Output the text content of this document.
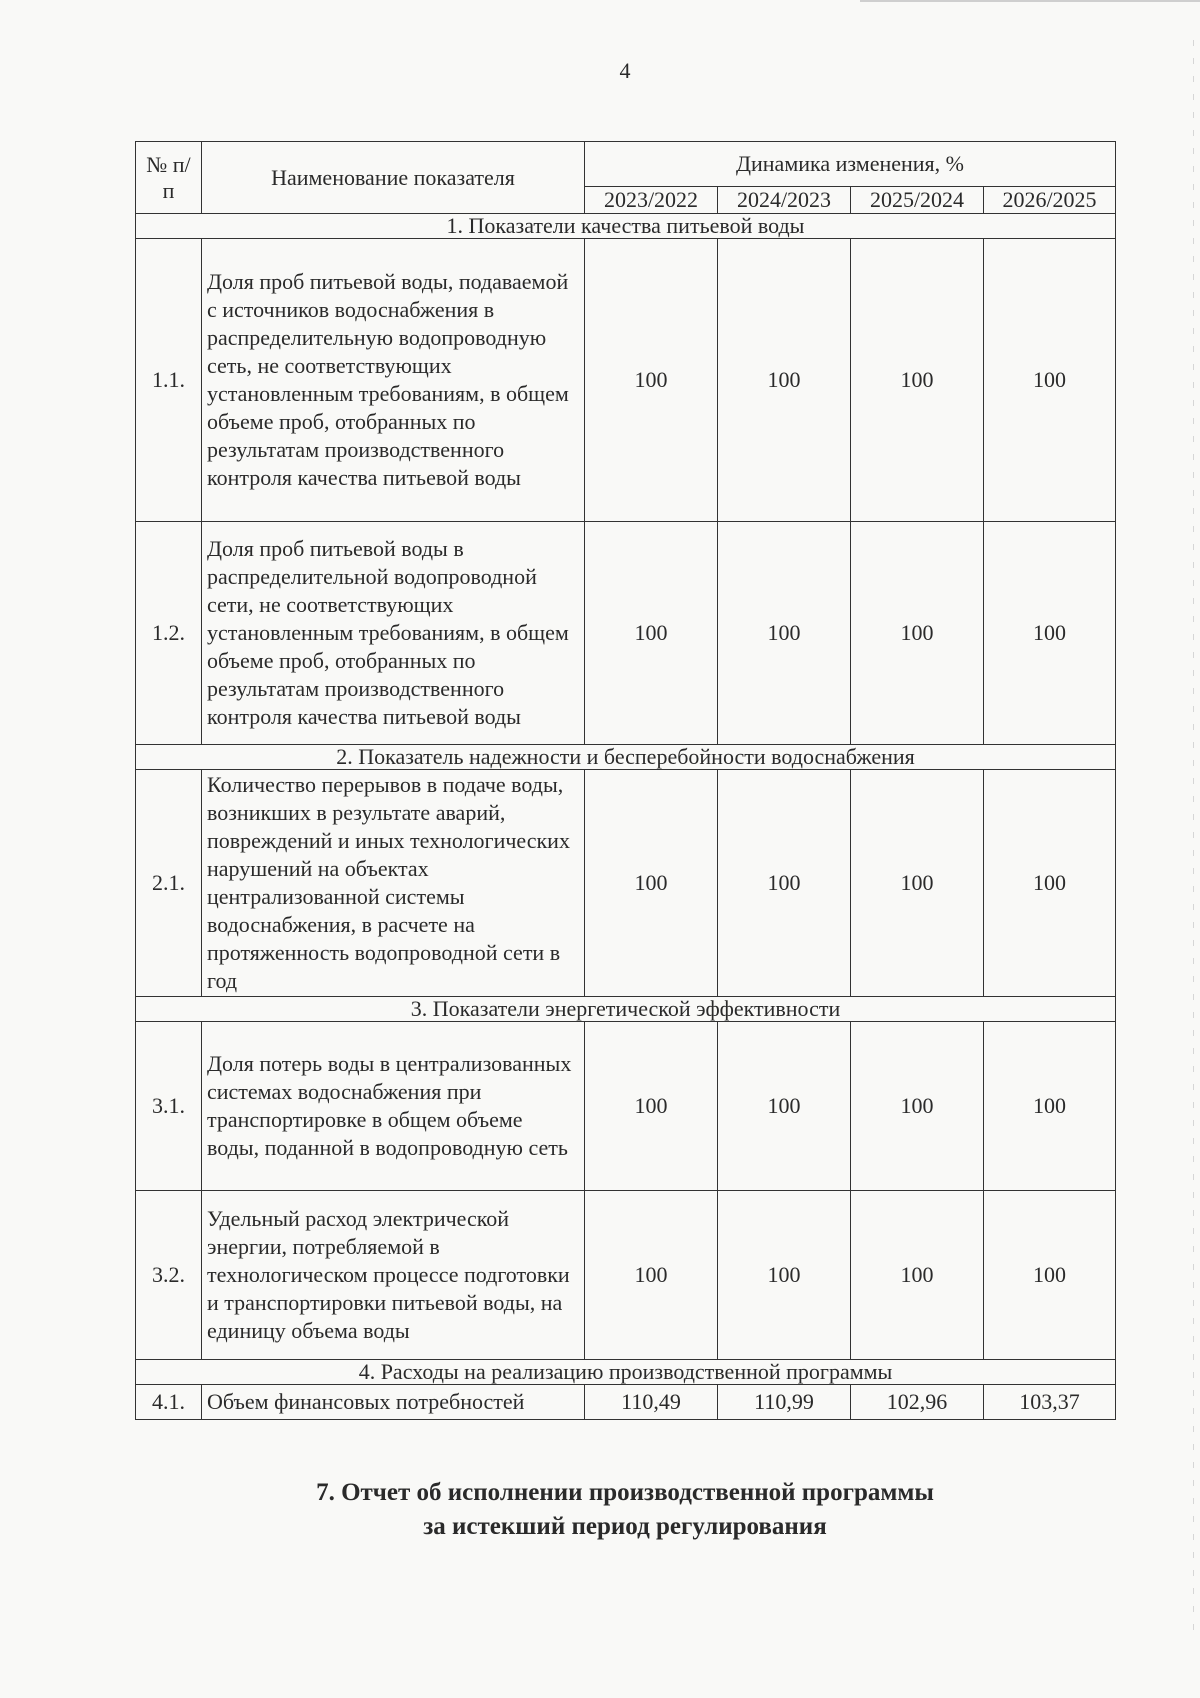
4
№ п/п	Наименование показателя	Динамика изменения, %			
		2023/2022	2024/2023	2025/2024	2026/2025
1. Показатели качества питьевой воды					
1.1.	Доля проб питьевой воды, подаваемой с источников водоснабжения в распределительную водопроводную сеть, не соответствующих установленным требованиям, в общем объеме проб, отобранных по результатам производственного контроля качества питьевой воды	100	100	100	100
1.2.	Доля проб питьевой воды в распределительной водопроводной сети, не соответствующих установленным требованиям, в общем объеме проб, отобранных по результатам производственного контроля качества питьевой воды	100	100	100	100
2. Показатель надежности и бесперебойности водоснабжения					
2.1.	Количество перерывов в подаче воды, возникших в результате аварий, повреждений и иных технологических нарушений на объектах централизованной системы водоснабжения, в расчете на протяженность водопроводной сети в год	100	100	100	100
3. Показатели энергетической эффективности					
3.1.	Доля потерь воды в централизованных системах водоснабжения при транспортировке в общем объеме воды, поданной в водопроводную сеть	100	100	100	100
3.2.	Удельный расход электрической энергии, потребляемой в технологическом процессе подготовки и транспортировки питьевой воды, на единицу объема воды	100	100	100	100
4. Расходы на реализацию производственной программы					
4.1.	Объем финансовых потребностей	110,49	110,99	102,96	103,37
7. Отчет об исполнении производственной программы
за истекший период регулирования
